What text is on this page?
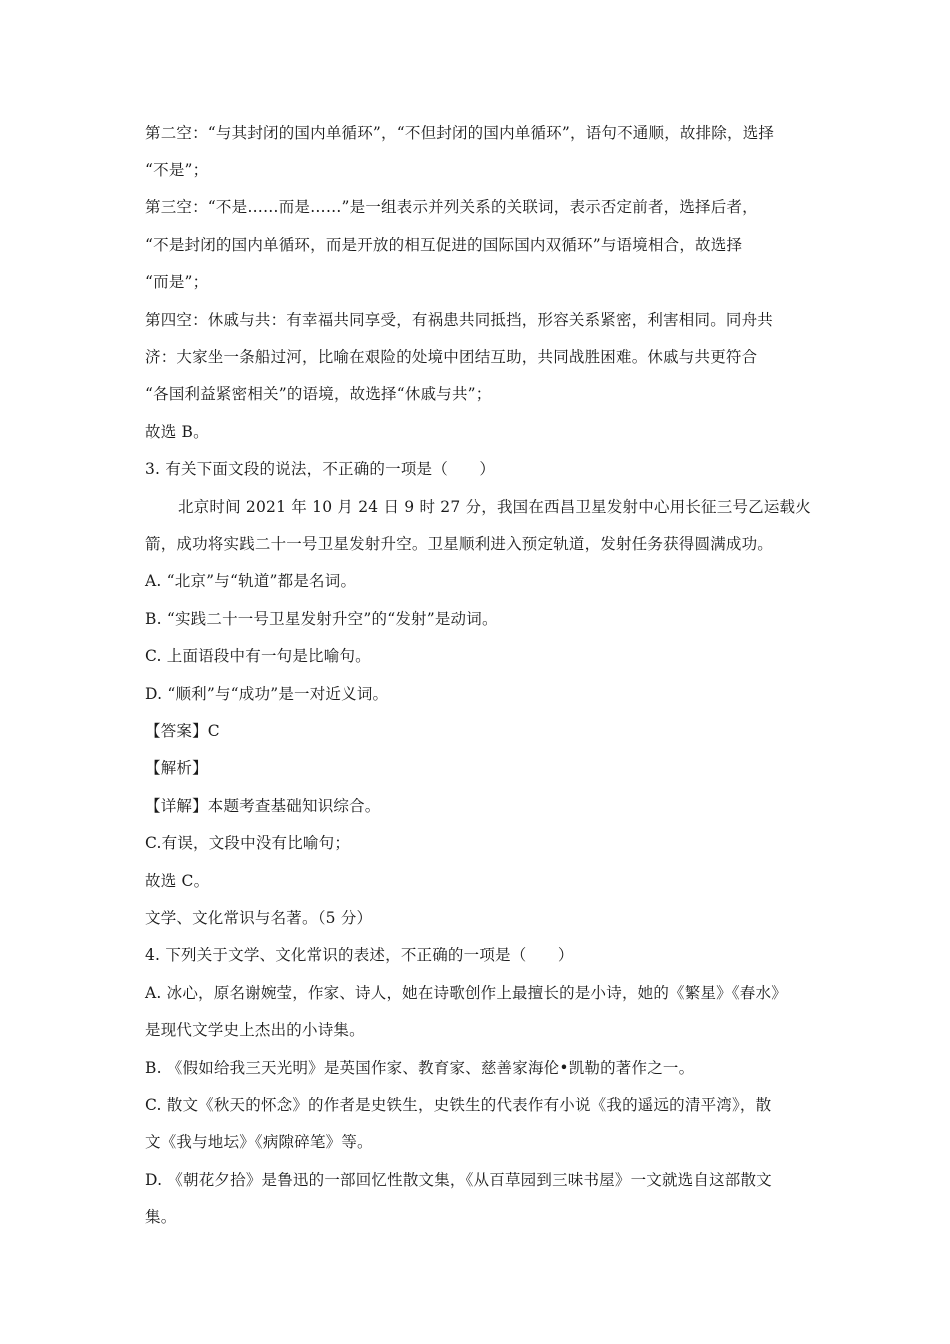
第二空：“与其封闭的国内单循环”，“不但封闭的国内单循环”，语句不通顺，故排除，选择
“不是”；
第三空：“不是……而是……”是一组表示并列关系的关联词，表示否定前者，选择后者，
“不是封闭的国内单循环，而是开放的相互促进的国际国内双循环”与语境相合，故选择
“而是”；
第四空：休戚与共：有幸福共同享受，有祸患共同抵挡，形容关系紧密，利害相同。同舟共
济：大家坐一条船过河，比喻在艰险的处境中团结互助，共同战胜困难。休戚与共更符合
“各国利益紧密相关”的语境，故选择“休戚与共”；
故选 B。
3. 有关下面文段的说法，不正确的一项是（　　）
北京时间 2021 年 10 月 24 日 9 时 27 分，我国在西昌卫星发射中心用长征三号乙运载火
箭，成功将实践二十一号卫星发射升空。卫星顺利进入预定轨道，发射任务获得圆满成功。
A. “北京”与“轨道”都是名词。
B. “实践二十一号卫星发射升空”的“发射”是动词。
C. 上面语段中有一句是比喻句。
D. “顺利”与“成功”是一对近义词。
【答案】C
【解析】
【详解】本题考查基础知识综合。
C.有误，文段中没有比喻句；
故选 C。
文学、文化常识与名著。（5 分）
4. 下列关于文学、文化常识的表述，不正确的一项是（　　）
A. 冰心，原名谢婉莹，作家、诗人，她在诗歌创作上最擅长的是小诗，她的《繁星》《春水》
是现代文学史上杰出的小诗集。
B. 《假如给我三天光明》是英国作家、教育家、慈善家海伦•凯勒的著作之一。
C. 散文《秋天的怀念》的作者是史铁生，史铁生的代表作有小说《我的遥远的清平湾》，散
文《我与地坛》《病隙碎笔》等。
D. 《朝花夕拾》是鲁迅的一部回忆性散文集，《从百草园到三味书屋》一文就选自这部散文
集。
